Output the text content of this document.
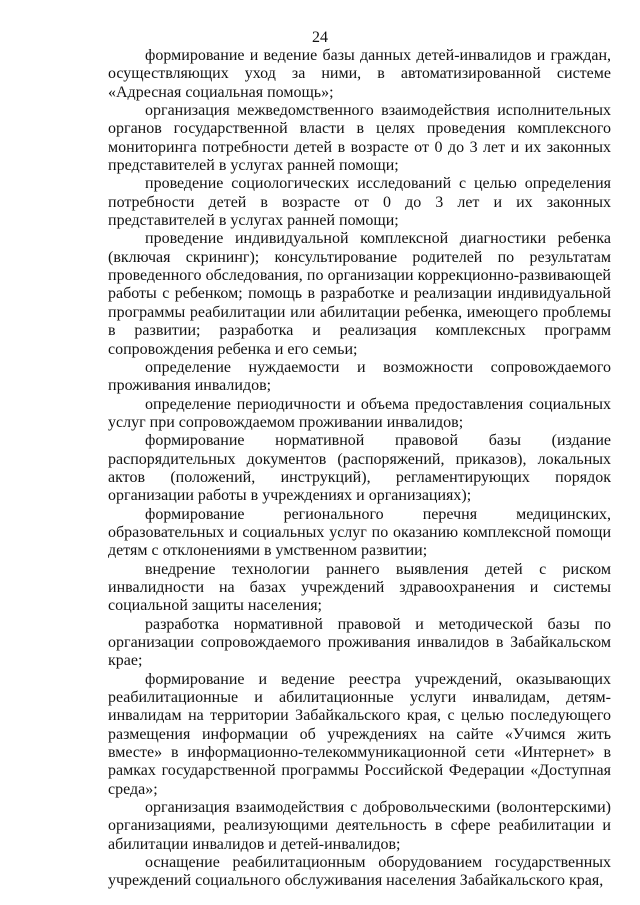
24

формирование и ведение базы данных детей-инвалидов и граждан, осуществляющих уход за ними, в автоматизированной системе «Адресная социальная помощь»;

организация межведомственного взаимодействия исполнительных органов государственной власти в целях проведения комплексного мониторинга потребности детей в возрасте от 0 до 3 лет и их законных представителей в услугах ранней помощи;

проведение социологических исследований с целью определения потребности детей в возрасте от 0 до 3 лет и их законных представителей в услугах ранней помощи;

проведение индивидуальной комплексной диагностики ребенка (включая скрининг); консультирование родителей по результатам проведенного обследования, по организации коррекционно-развивающей работы с ребенком; помощь в разработке и реализации индивидуальной программы реабилитации или абилитации ребенка, имеющего проблемы в развитии; разработка и реализация комплексных программ сопровождения ребенка и его семьи;

определение нуждаемости и возможности сопровождаемого проживания инвалидов;

определение периодичности и объема предоставления социальных услуг при сопровождаемом проживании инвалидов;

формирование нормативной правовой базы (издание распорядительных документов (распоряжений, приказов), локальных актов (положений, инструкций), регламентирующих порядок организации работы в учреждениях и организациях);

формирование регионального перечня медицинских, образовательных и социальных услуг по оказанию комплексной помощи детям с отклонениями в умственном развитии;

внедрение технологии раннего выявления детей с риском инвалидности на базах учреждений здравоохранения и системы социальной защиты населения;

разработка нормативной правовой и методической базы по организации сопровождаемого проживания инвалидов в Забайкальском крае;

формирование и ведение реестра учреждений, оказывающих реабилитационные и абилитационные услуги инвалидам, детям-инвалидам на территории Забайкальского края, с целью последующего размещения информации об учреждениях на сайте «Учимся жить вместе» в информационно-телекоммуникационной сети «Интернет» в рамках государственной программы Российской Федерации «Доступная среда»;

организация взаимодействия с добровольческими (волонтерскими) организациями, реализующими деятельность в сфере реабилитации и абилитации инвалидов и детей-инвалидов;

оснащение реабилитационным оборудованием государственных учреждений социального обслуживания населения Забайкальского края,
